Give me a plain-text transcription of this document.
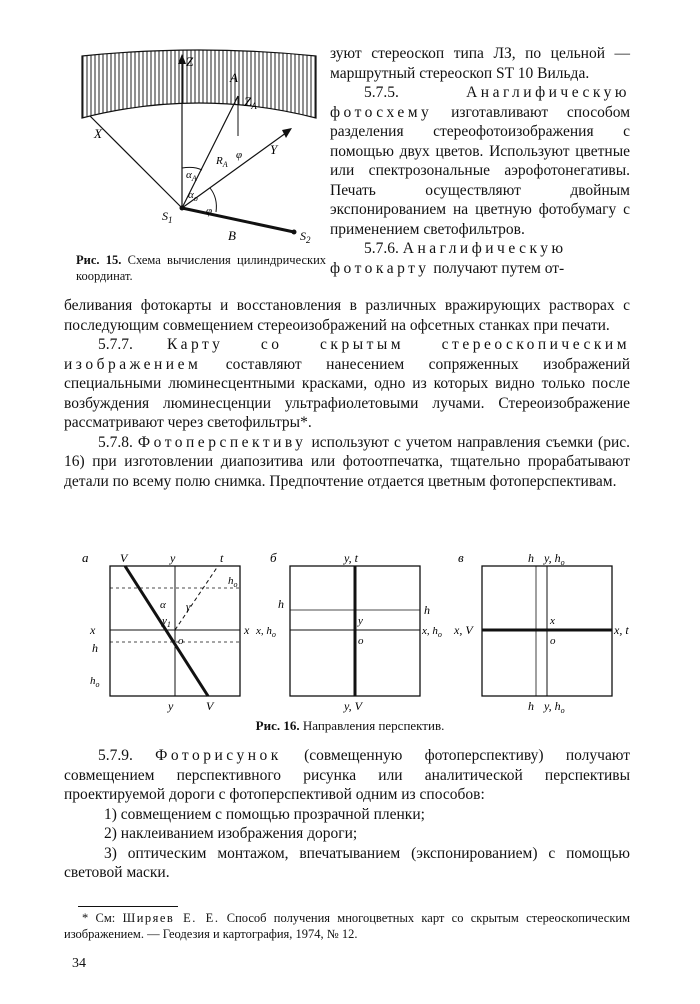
Z
A
$Z_A$
X
Y
$\alpha_A$
$\alpha_o$
$R_A$
φ
φ
$S_1$
B	$S_2$
Рис. 15. Схема вычисления цилиндрических координат.

зуют стереоскоп типа ЛЗ, по цельной — маршрутный стереоскоп ST 10 Вильда.

5.7.5.	Анаглифическую фотосхему изготавливают способом разделения стереофотоизображения с помощью двух цветов. Используют цветные или спектрозональные аэрофотонегативы. Печать осуществляют двойным экспонированием на цветную фотобумагу с применением светофильтров.

5.7.6. Анаглифическую фотокарту получают путем от-

беливания фотокарты и восстановления в различных вражирующих растворах с последующим совмещением стереоизображений на офсетных станках при печати.

5.7.7. Карту со скрытым стереоскопическим изображением составляют нанесением сопряженных изображений специальными люминесцентными красками, одно из которых видно только после возбуждения люминесценции ультрафиолетовыми лучами. Стереоизображение рассматривают через светофильтры*.

5.7.8. Фотоперспективу используют с учетом направления съемки (рис. 16) при изготовлении диапозитива или фотоотпечатка, тщательно прорабатывают детали по всему полю снимка. Предпочтение отдается цветным фотоперспективам.

a	V	y	t
$h_o$
x	x
h
$h_o$
α γ
$y_1$
o
y	V
б	y, t
h	h
x, $h_o$	x, $h_o$
y
o
y, V
в	h y, $h_o$
x, V	x, t
x
o
h y, $h_o$
Рис. 16. Направления перспектив.

5.7.9. Фоторисунок (совмещенную фотоперспективу) получают совмещением перспективного рисунка или аналитической перспективы проектируемой дороги с фотоперспективой одним из способов:

1) совмещением с помощью прозрачной пленки;

2) наклеиванием изображения дороги;

3) оптическим монтажом, впечатыванием (экспонированием) с помощью световой маски.

* См: Ширяев Е. Е. Способ получения многоцветных карт со скрытым стереоскопическим изображением. — Геодезия и картография, 1974, № 12.

34
